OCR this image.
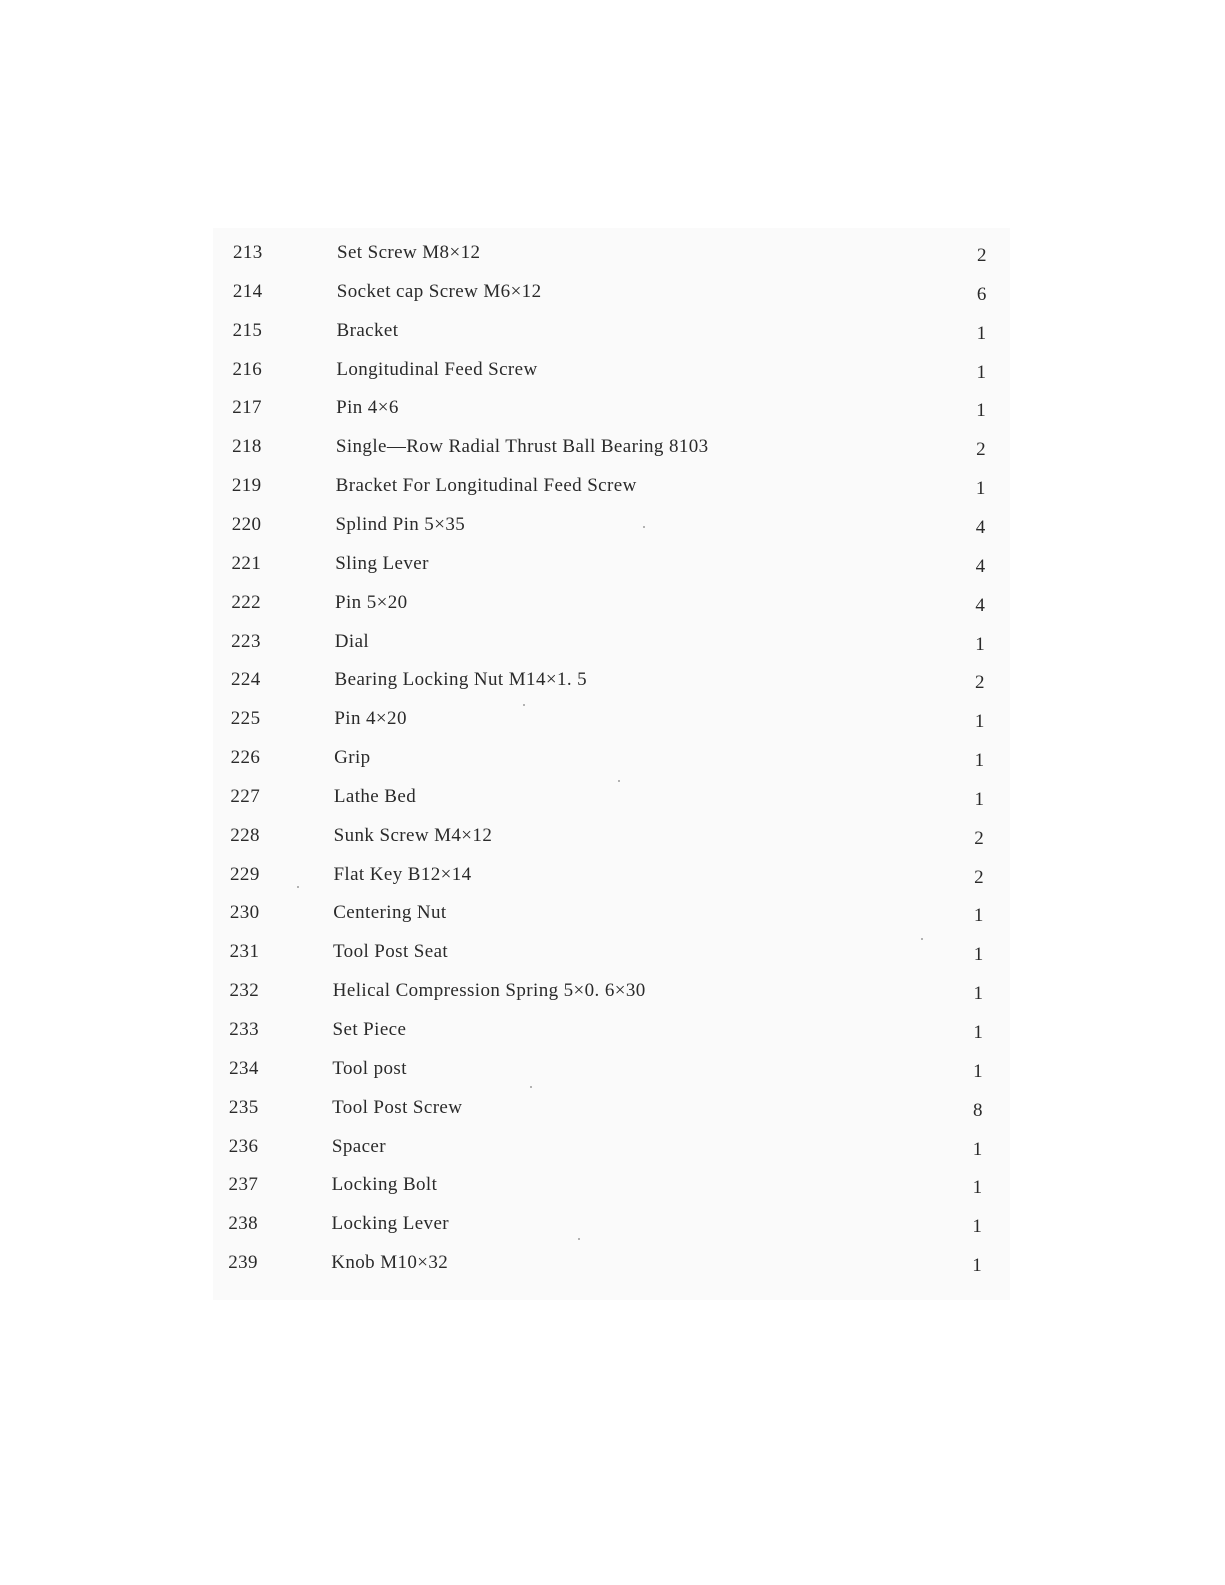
213	Set Screw M8×12	2
214	Socket cap Screw M6×12	6
215	Bracket	1
216	Longitudinal Feed Screw	1
217	Pin 4×6	1
218	Single—Row Radial Thrust Ball Bearing 8103	2
219	Bracket For Longitudinal Feed Screw	1
220	Splind Pin 5×35	4
221	Sling Lever	4
222	Pin 5×20	4
223	Dial	1
224	Bearing Locking Nut M14×1. 5	2
225	Pin 4×20	1
226	Grip	1
227	Lathe Bed	1
228	Sunk Screw M4×12	2
229	Flat Key B12×14	2
230	Centering Nut	1
231	Tool Post Seat	1
232	Helical Compression Spring 5×0. 6×30	1
233	Set Piece	1
234	Tool post	1
235	Tool Post Screw	8
236	Spacer	1
237	Locking Bolt	1
238	Locking Lever	1
239	Knob M10×32	1
